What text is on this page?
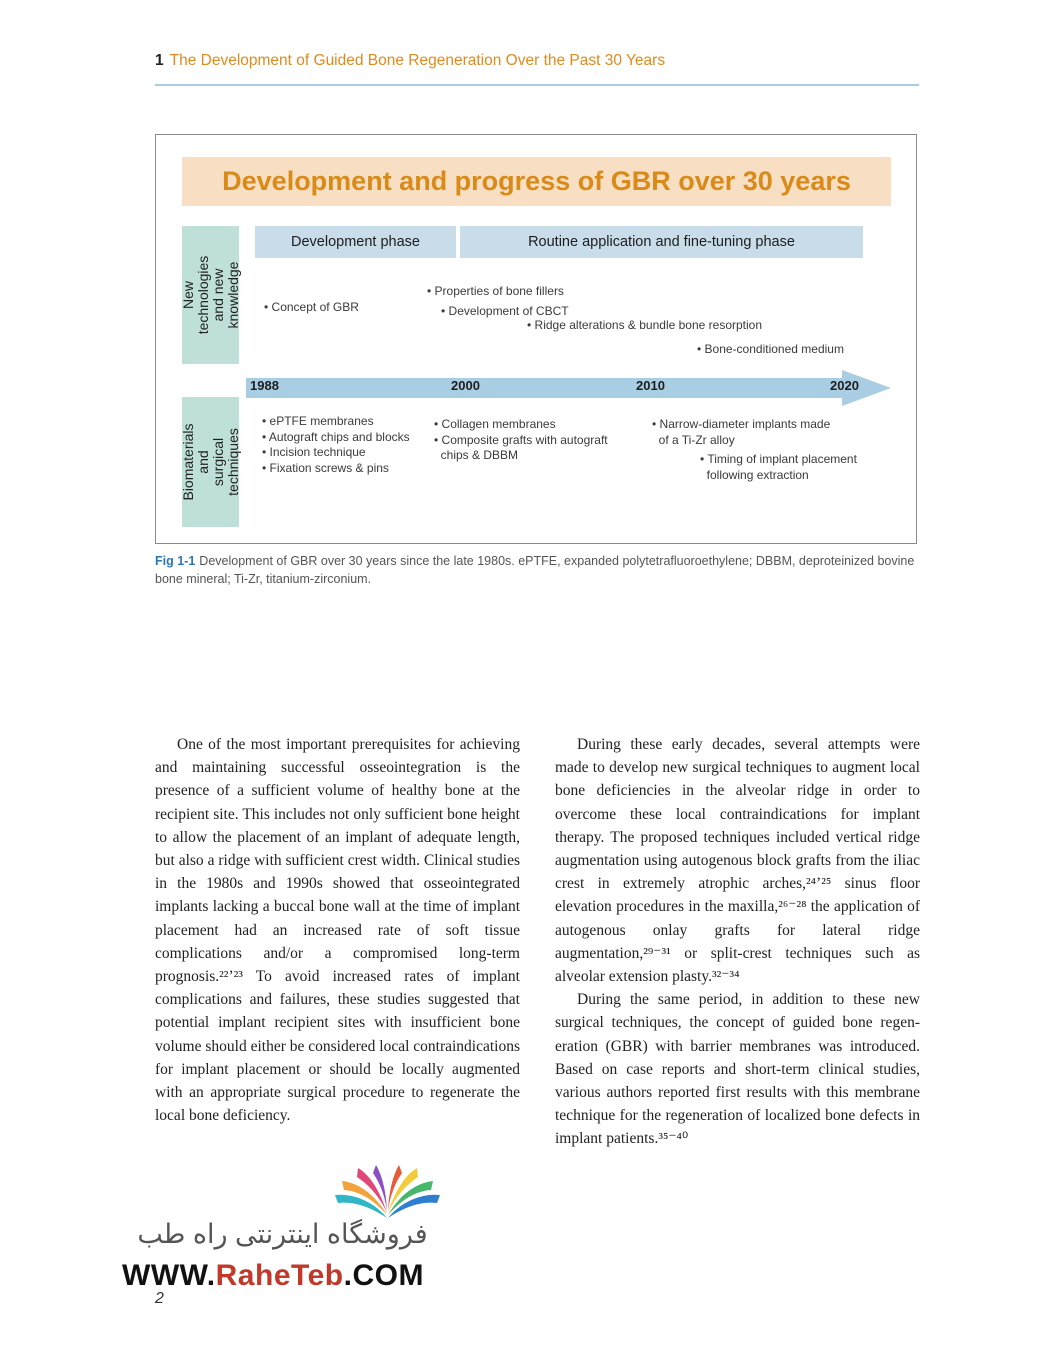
1 The Development of Guided Bone Regeneration Over the Past 30 Years
Development and progress of GBR over 30 years
New technologies
and new
knowledge
Biomaterials and
surgical
techniques
Development phase	Routine application and fine-tuning phase
• Concept of GBR
• Properties of bone fillers
• Development of CBCT
• Ridge alterations & bundle bone resorption
• Bone-conditioned medium
1988	2000	2010	2020
• ePTFE membranes
• Autograft chips and blocks
• Incision technique
• Fixation screws & pins
• Collagen membranes
• Composite grafts with autograft
chips & DBBM
• Narrow-diameter implants made
of a Ti-Zr alloy
• Timing of implant placement
following extraction
Fig 1-1 Development of GBR over 30 years since the late 1980s. ePTFE, expanded polytetrafluoroethylene; DBBM, deproteinized bovine bone mineral; Ti-Zr, titanium-zirconium.

One of the most important prerequisites for achieving and maintaining successful osseointegration is the presence of a sufficient volume of healthy bone at the recipient site. This includes not only sufficient bone height to allow the placement of an implant of adequate length, but also a ridge with sufficient crest width. Clinical studies in the 1980s and 1990s showed that osseointegrated implants lacking a buccal bone wall at the time of implant placement had an increased rate of soft tissue complications and/or a compromised long-term prognosis.²²ʼ²³ To avoid increased rates of implant complications and failures, these studies suggested that potential implant recipient sites with insufficient bone volume should either be considered local contraindications for implant placement or should be locally augmented with an appropriate surgical procedure to regenerate the local bone deficiency.

During these early decades, several attempts were made to develop new surgical techniques to augment local bone deficiencies in the alveolar ridge in order to overcome these local contraindications for implant therapy. The proposed techniques included vertical ridge augmentation using autogenous block grafts from the iliac crest in extremely atrophic arches,²⁴ʼ²⁵ sinus floor elevation procedures in the maxilla,²⁶⁻²⁸ the application of autogenous onlay grafts for lateral ridge augmentation,²⁹⁻³¹ or split-crest techniques such as alveolar extension plasty.³²⁻³⁴

During the same period, in addition to these new surgical techniques, the concept of guided bone regeneration (GBR) with barrier membranes was introduced. Based on case reports and short-term clinical studies, various authors reported first results with this membrane technique for the regeneration of localized bone defects in implant patients.³⁵⁻⁴⁰

فروشگاه اینترنتی راه طب
WWW.RaheTeb.COM
2
